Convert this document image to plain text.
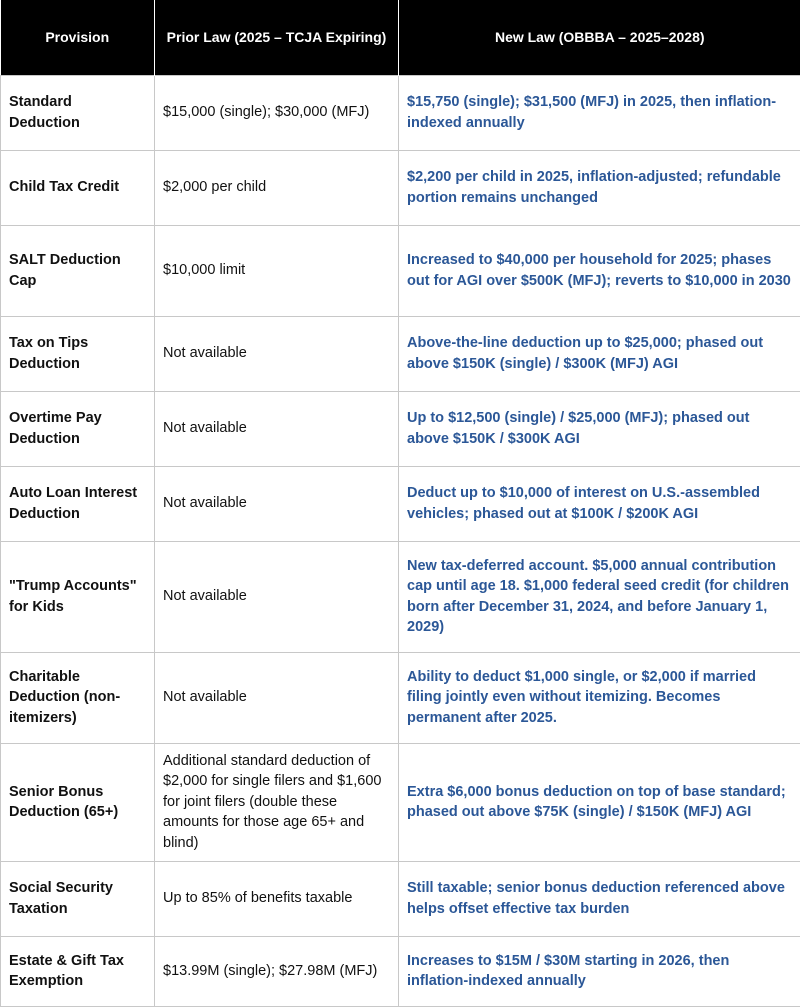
Provision	Prior Law (2025 – TCJA Expiring)	New Law (OBBBA – 2025–2028)
Standard Deduction	$15,000 (single); $30,000 (MFJ)	$15,750 (single); $31,500 (MFJ) in 2025, then inflation-indexed annually
Child Tax Credit	$2,000 per child	$2,200 per child in 2025, inflation-adjusted; refundable portion remains unchanged
SALT Deduction Cap	$10,000 limit	Increased to $40,000 per household for 2025; phases out for AGI over $500K (MFJ); reverts to $10,000 in 2030
Tax on Tips Deduction	Not available	Above-the-line deduction up to $25,000; phased out above $150K (single) / $300K (MFJ) AGI
Overtime Pay Deduction	Not available	Up to $12,500 (single) / $25,000 (MFJ); phased out above $150K / $300K AGI
Auto Loan Interest Deduction	Not available	Deduct up to $10,000 of interest on U.S.-assembled vehicles; phased out at $100K / $200K AGI
"Trump Accounts" for Kids	Not available	New tax-deferred account. $5,000 annual contribution cap until age 18. $1,000 federal seed credit (for children born after December 31, 2024, and before January 1, 2029)
Charitable Deduction (non-itemizers)	Not available	Ability to deduct $1,000 single, or $2,000 if married filing jointly even without itemizing. Becomes permanent after 2025.
Senior Bonus Deduction (65+)	Additional standard deduction of $2,000 for single filers and $1,600 for joint filers (double these amounts for those age 65+ and blind)	Extra $6,000 bonus deduction on top of base standard; phased out above $75K (single) / $150K (MFJ) AGI
Social Security Taxation	Up to 85% of benefits taxable	Still taxable; senior bonus deduction referenced above helps offset effective tax burden
Estate & Gift Tax Exemption	$13.99M (single); $27.98M (MFJ)	Increases to $15M / $30M starting in 2026, then inflation-indexed annually
